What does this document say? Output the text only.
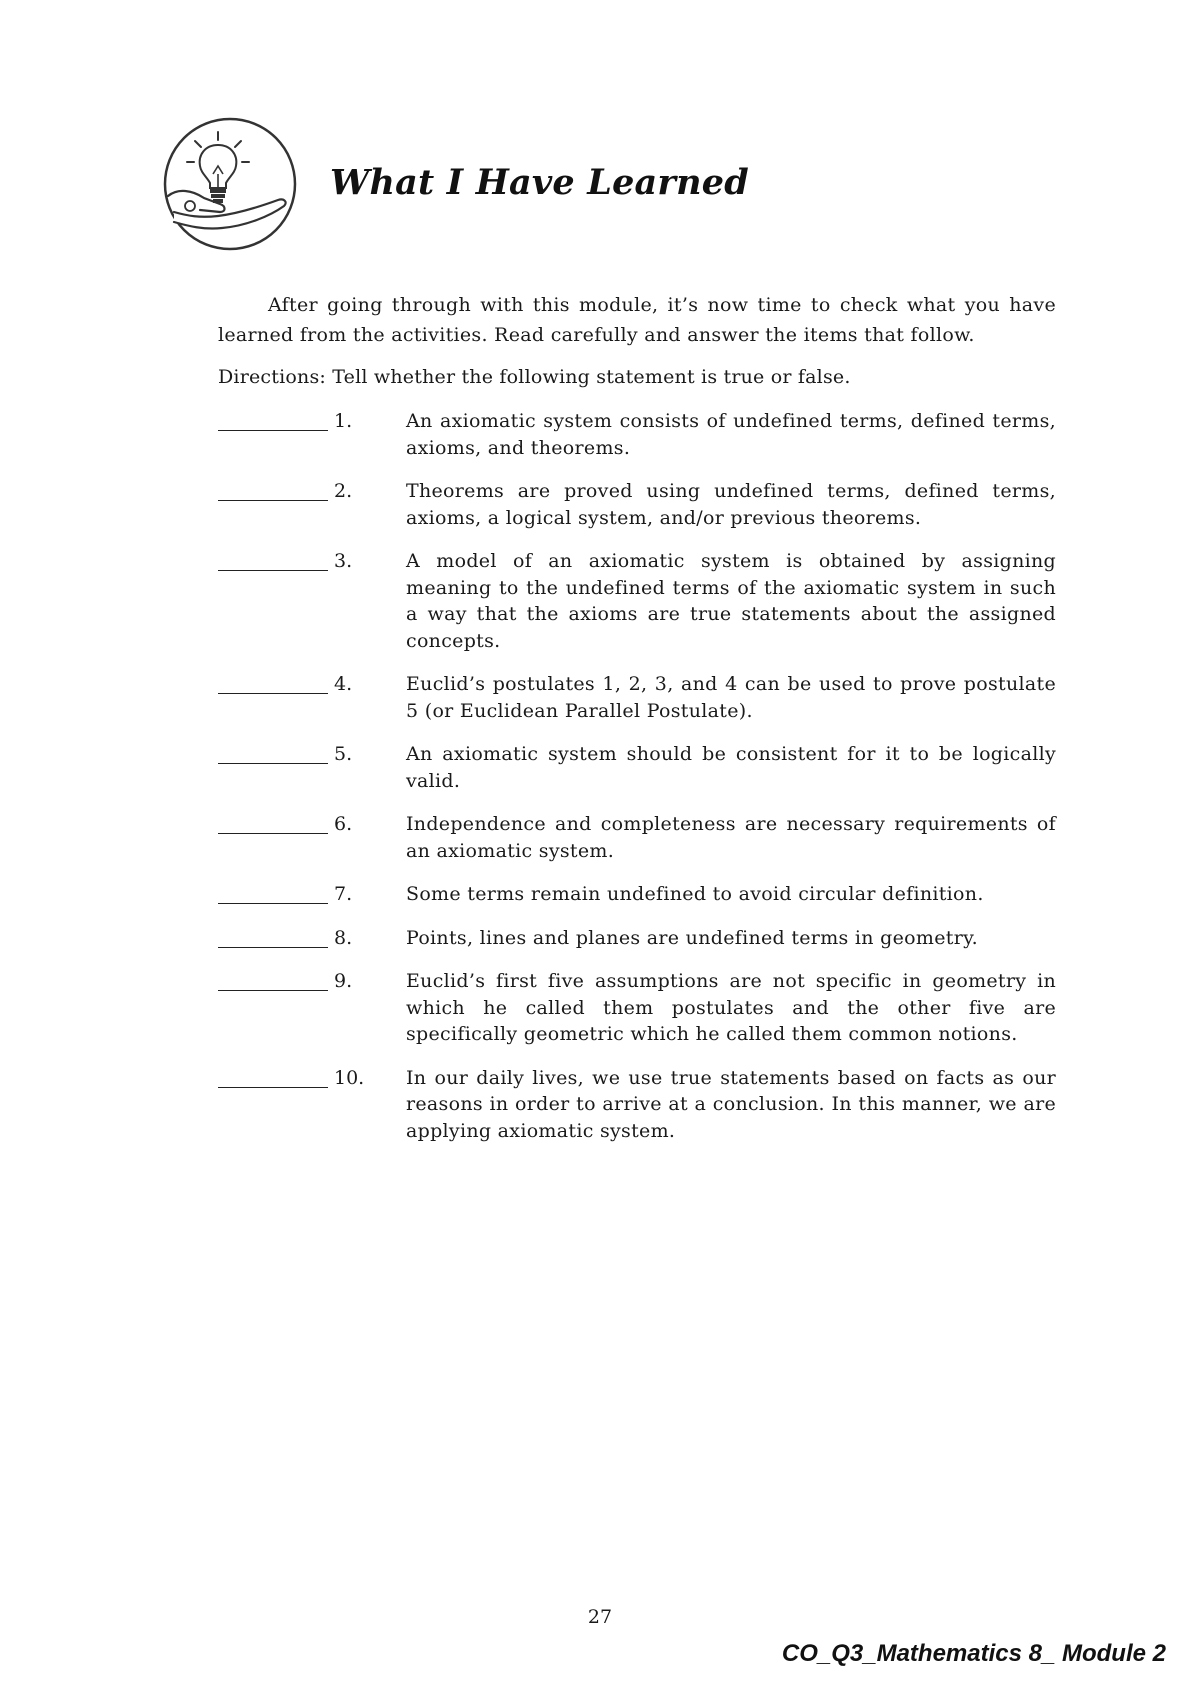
What I Have Learned

After going through with this module, it’s now time to check what you have learned from the activities. Read carefully and answer the items that follow.

Directions: Tell whether the following statement is true or false.

1.	An axiomatic system consists of undefined terms, defined terms, axioms, and theorems.
2.	Theorems are proved using undefined terms, defined terms, axioms, a logical system, and/or previous theorems.
3.	A model of an axiomatic system is obtained by assigning meaning to the undefined terms of the axiomatic system in such a way that the axioms are true statements about the assigned concepts.
4.	Euclid’s postulates 1, 2, 3, and 4 can be used to prove postulate 5 (or Euclidean Parallel Postulate).
5.	An axiomatic system should be consistent for it to be logically valid.
6.	Independence and completeness are necessary requirements of an axiomatic system.
7.	Some terms remain undefined to avoid circular definition.
8.	Points, lines and planes are undefined terms in geometry.
9.	Euclid’s first five assumptions are not specific in geometry in which he called them postulates and the other five are specifically geometric which he called them common notions.
10.	In our daily lives, we use true statements based on facts as our reasons in order to arrive at a conclusion. In this manner, we are applying axiomatic system.
27

CO_Q3_Mathematics 8_ Module 2
